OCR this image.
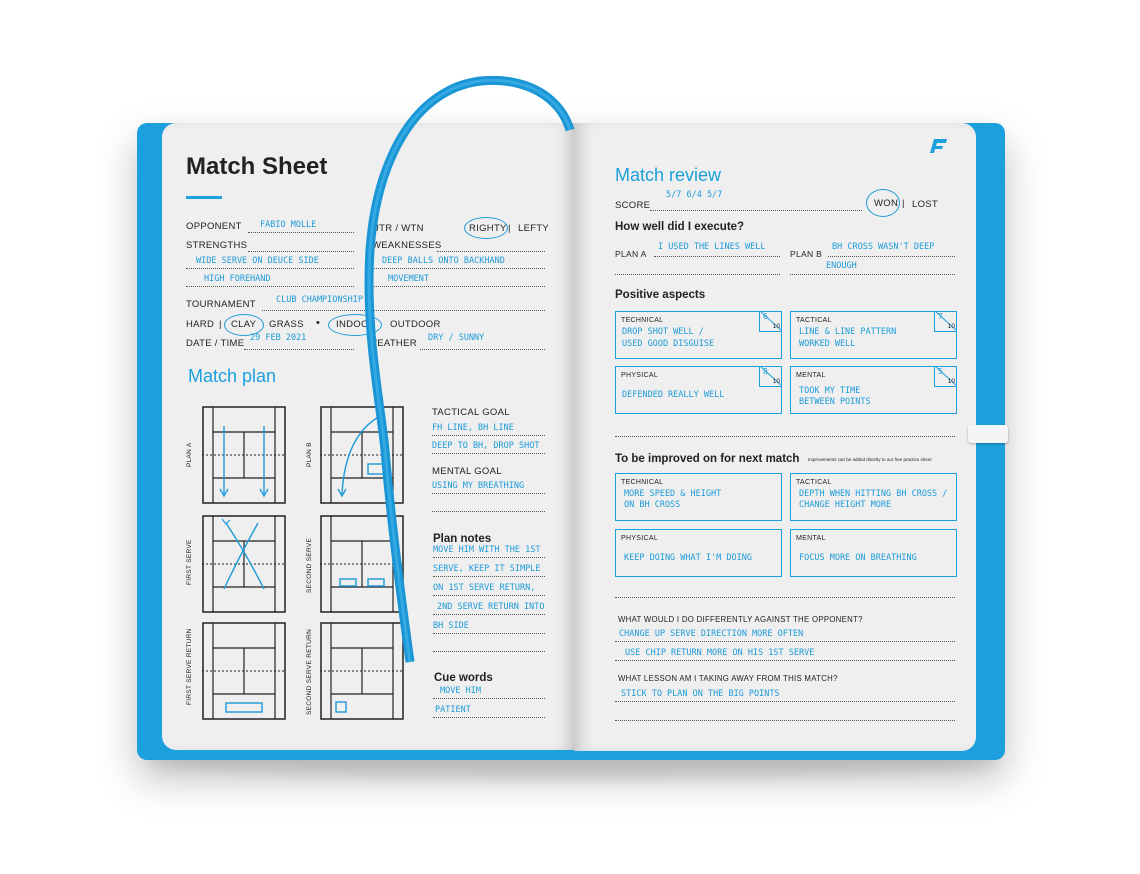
Match Sheet
OPPONENT FABIO MOLLE	UTR / WTN	RIGHTY | LEFTY
STRENGTHS	WEAKNESSES
WIDE SERVE ON DEUCE SIDE	DEEP BALLS ONTO BACKHAND
HIGH FOREHAND	MOVEMENT
TOURNAMENT CLUB CHAMPIONSHIP
HARD | CLAY GRASS • INDOOR OUTDOOR
DATE / TIME 29 FEB 2021	WEATHER DRY / SUNNY
Match plan
PLAN A	PLAN B
FIRST SERVE	SECOND SERVE
FIRST SERVE RETURN	SECOND SERVE RETURN
TACTICAL GOAL
FH LINE, BH LINE
DEEP TO BH, DROP SHOT
MENTAL GOAL
USING MY BREATHING
Plan notes
MOVE HIM WITH THE 1ST
SERVE, KEEP IT SIMPLE
ON 1ST SERVE RETURN,
2ND SERVE RETURN INTO
BH SIDE
Cue words
MOVE HIM
PATIENT
Match review
SCORE
5/7 6/4 5/7
WON | LOST
How well did I execute?
PLAN A
I USED THE LINES WELL
PLAN B
BH CROSS WASN'T DEEP
ENOUGH
Positive aspects
TECHNICAL
DROP SHOT WELL /
USED GOOD DISGUISE
6
10
TACTICAL
LINE & LINE PATTERN
WORKED WELL
7
10
PHYSICAL
DEFENDED REALLY WELL
8
10
MENTAL
TOOK MY TIME
BETWEEN POINTS
5
10
To be improved on for next match Improvements can be added directly to our free practice sheet
TECHNICAL
MORE SPEED & HEIGHT
ON BH CROSS
TACTICAL
DEPTH WHEN HITTING BH CROSS /
CHANGE HEIGHT MORE
PHYSICAL
KEEP DOING WHAT I'M DOING
MENTAL
FOCUS MORE ON BREATHING
WHAT WOULD I DO DIFFERENTLY AGAINST THE OPPONENT?
CHANGE UP SERVE DIRECTION MORE OFTEN
USE CHIP RETURN MORE ON HIS 1ST SERVE
WHAT LESSON AM I TAKING AWAY FROM THIS MATCH?
STICK TO PLAN ON THE BIG POINTS
